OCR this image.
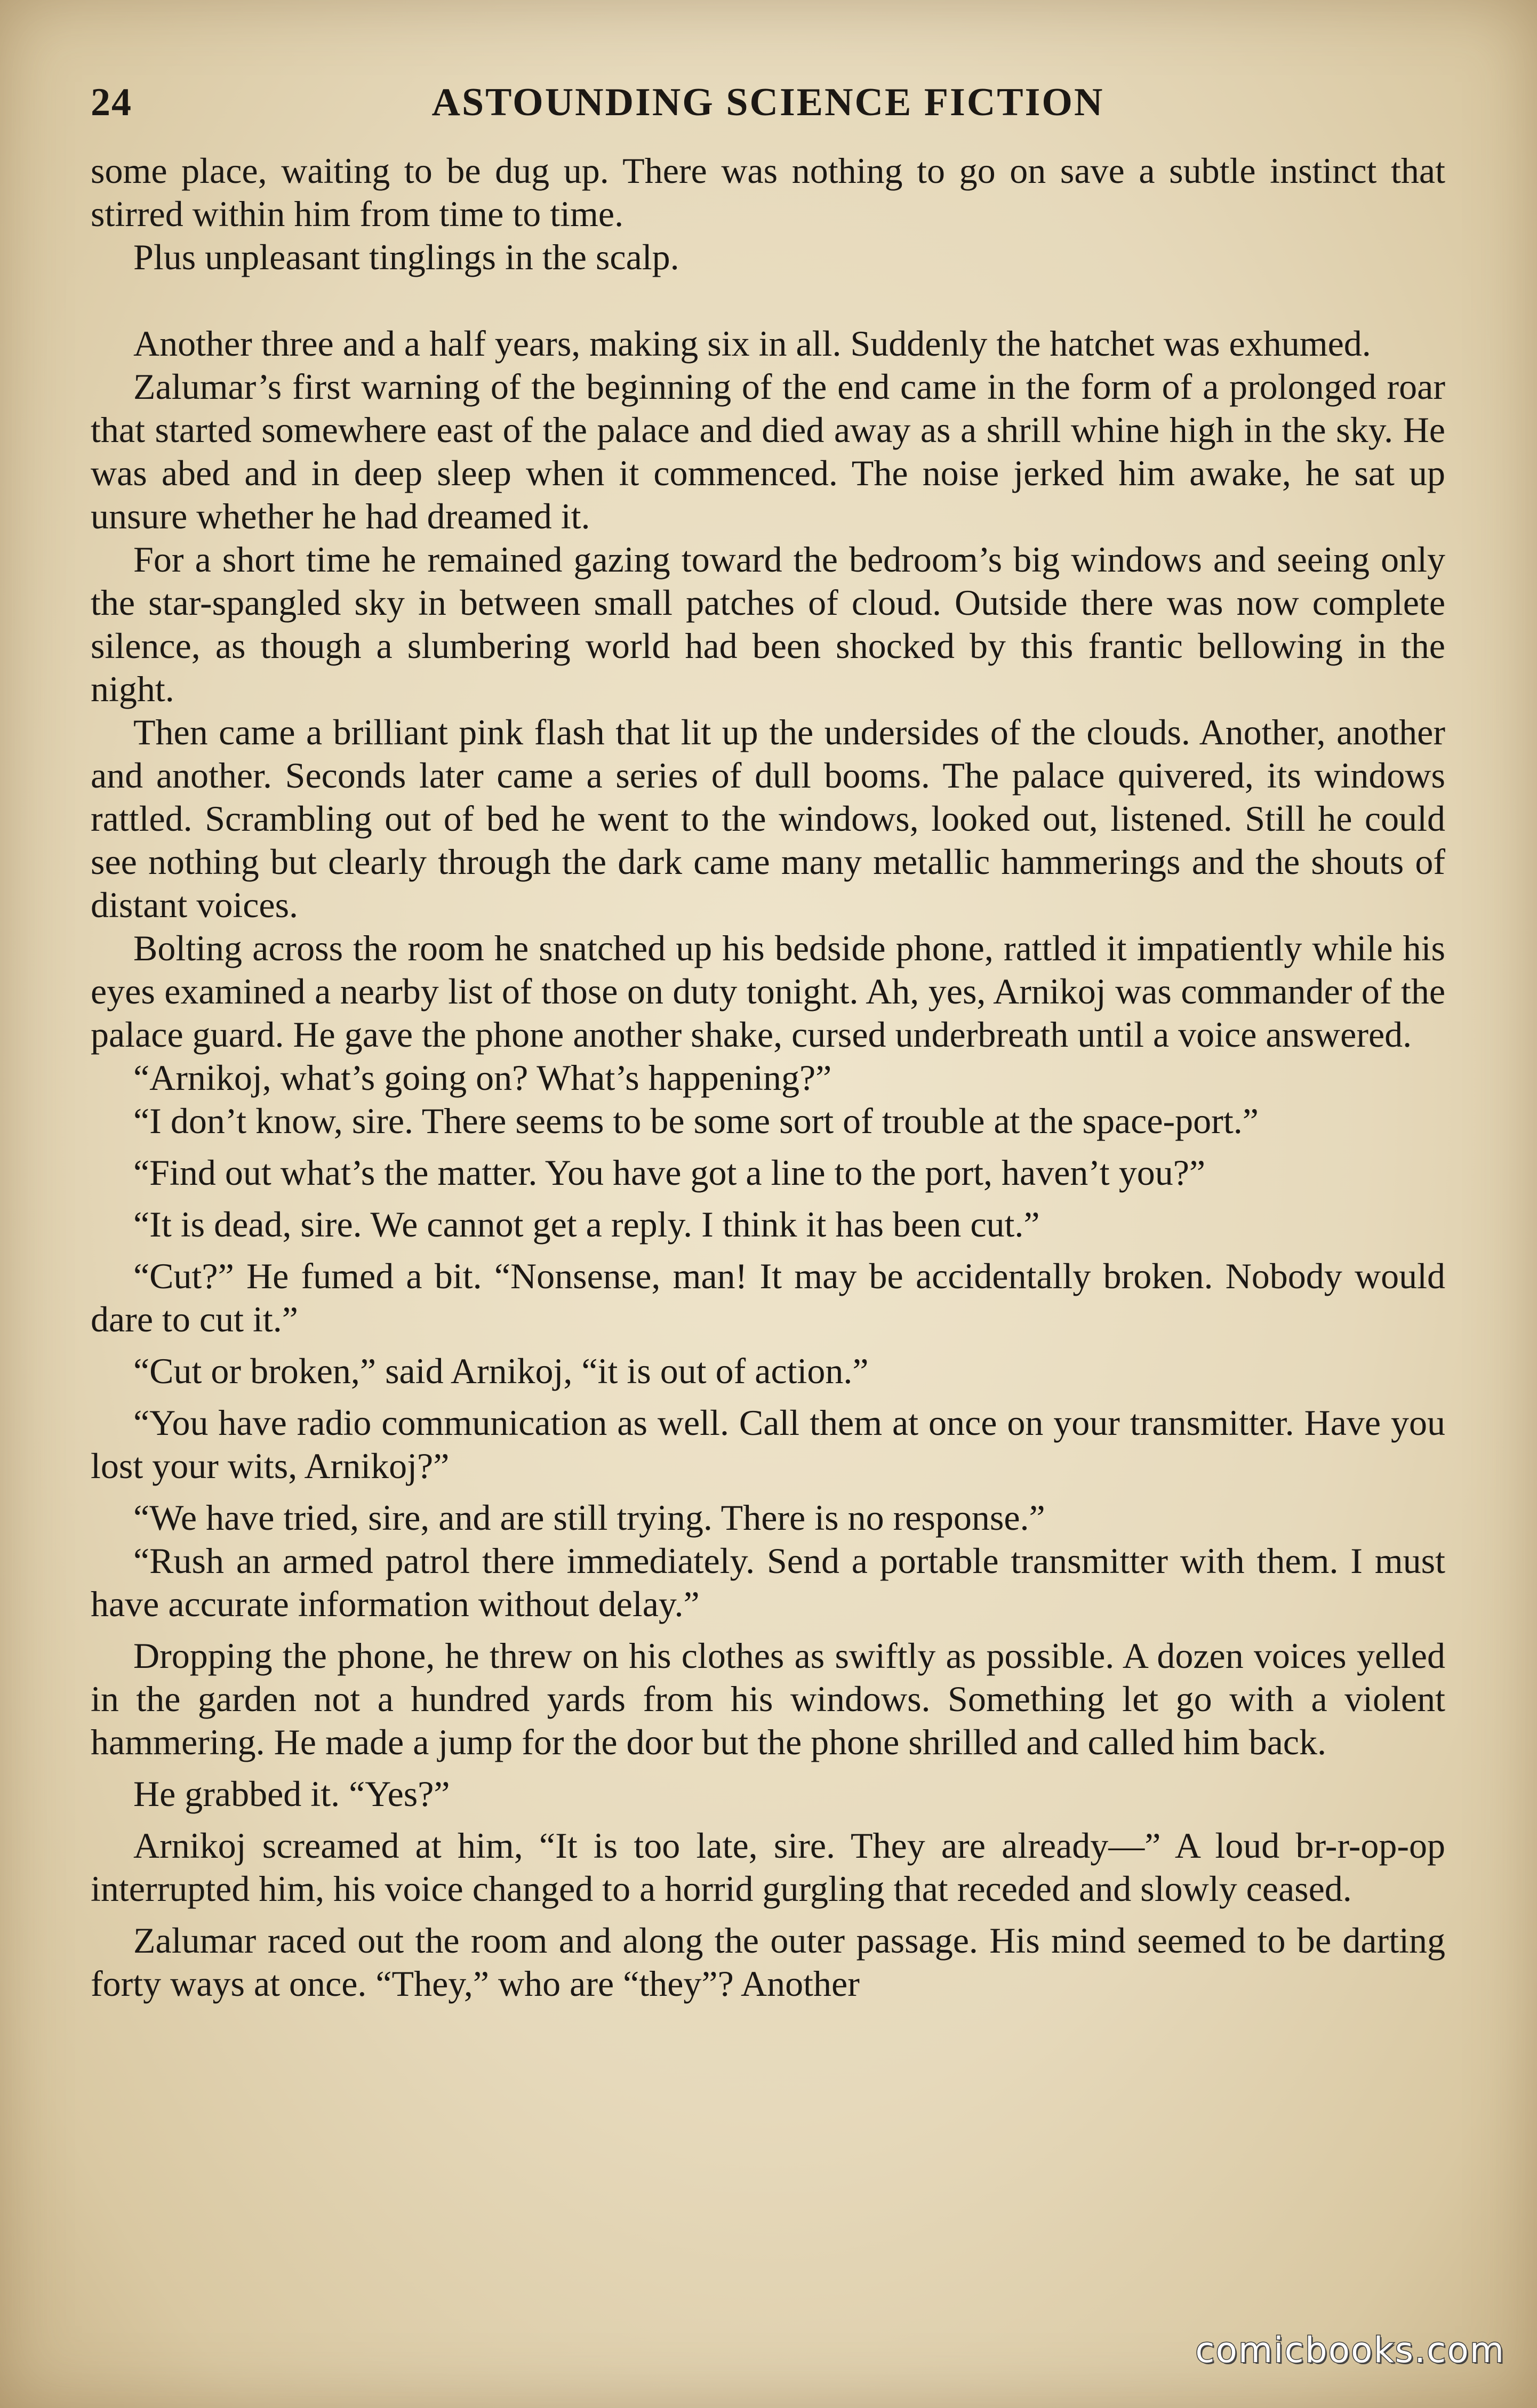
24	ASTOUNDING SCIENCE FICTION

some place, waiting to be dug up. There was nothing to go on save a subtle instinct that stirred within him from time to time.

Plus unpleasant tinglings in the scalp.

Another three and a half years, making six in all. Suddenly the hatchet was exhumed.

Zalumar’s first warning of the beginning of the end came in the form of a prolonged roar that started somewhere east of the palace and died away as a shrill whine high in the sky. He was abed and in deep sleep when it commenced. The noise jerked him awake, he sat up unsure whether he had dreamed it.

For a short time he remained gazing toward the bedroom’s big windows and seeing only the star-spangled sky in between small patches of cloud. Outside there was now complete silence, as though a slumbering world had been shocked by this frantic bellowing in the night.

Then came a brilliant pink flash that lit up the undersides of the clouds. Another, another and another. Seconds later came a series of dull booms. The palace quivered, its windows rattled. Scrambling out of bed he went to the windows, looked out, listened. Still he could see nothing but clearly through the dark came many metallic hammerings and the shouts of distant voices.

Bolting across the room he snatched up his bedside phone, rattled it impatiently while his eyes examined a nearby list of those on duty tonight. Ah, yes, Arnikoj was commander of the palace guard. He gave the phone another shake, cursed underbreath until a voice answered.

“Arnikoj, what’s going on? What’s happening?”

“I don’t know, sire. There seems to be some sort of trouble at the space-port.”

“Find out what’s the matter. You have got a line to the port, haven’t you?”

“It is dead, sire. We cannot get a reply. I think it has been cut.”

“Cut?” He fumed a bit. “Nonsense, man! It may be accidentally broken. Nobody would dare to cut it.”

“Cut or broken,” said Arnikoj, “it is out of action.”

“You have radio communication as well. Call them at once on your transmitter. Have you lost your wits, Arnikoj?”

“We have tried, sire, and are still trying. There is no response.”

“Rush an armed patrol there immediately. Send a portable transmitter with them. I must have accurate information without delay.”

Dropping the phone, he threw on his clothes as swiftly as possible. A dozen voices yelled in the garden not a hundred yards from his windows. Something let go with a violent hammering. He made a jump for the door but the phone shrilled and called him back.

He grabbed it. “Yes?”

Arnikoj screamed at him, “It is too late, sire. They are already—” A loud br-r-op-op interrupted him, his voice changed to a horrid gurgling that receded and slowly ceased.

Zalumar raced out the room and along the outer passage. His mind seemed to be darting forty ways at once. “They,” who are “they”? Another

comicbooks.com
